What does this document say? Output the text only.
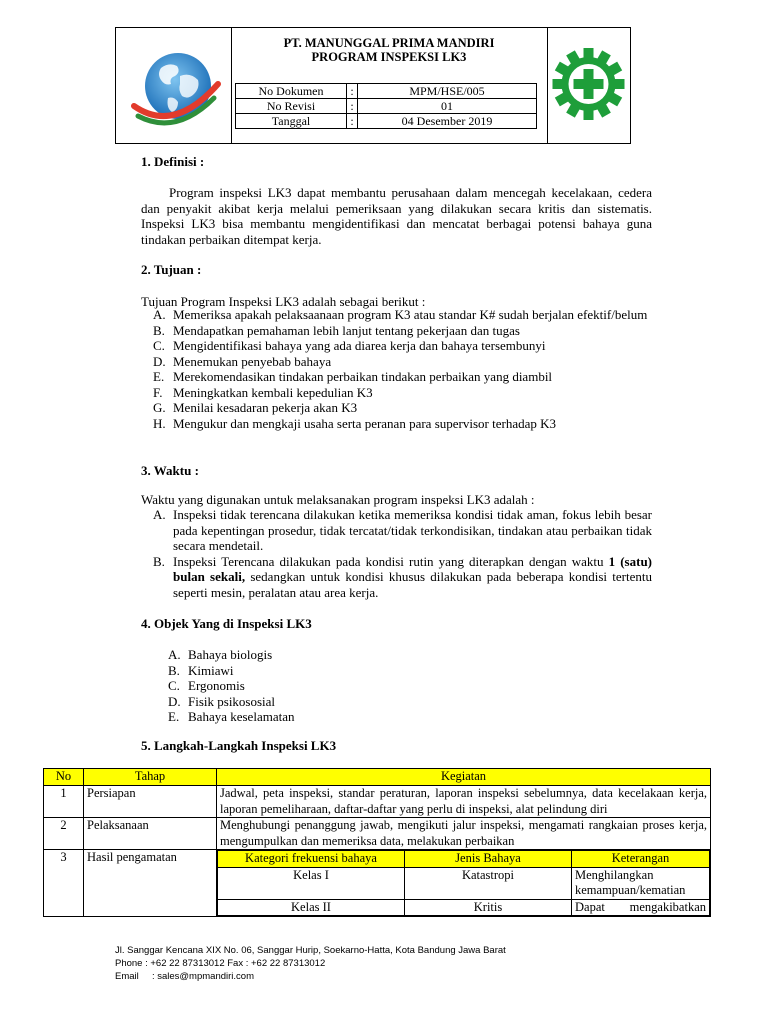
PT. MANUNGGAL PRIMA MANDIRI
PROGRAM INSPEKSI LK3
No Dokumen	:	MPM/HSE/005
No Revisi	:	01
Tanggal	:	04 Desember 2019
1. Definisi :
Program inspeksi LK3 dapat membantu perusahaan dalam mencegah kecelakaan, cedera dan penyakit akibat kerja melalui pemeriksaan yang dilakukan secara kritis dan sistematis. Inspeksi LK3 bisa membantu mengidentifikasi dan mencatat berbagai potensi bahaya guna tindakan perbaikan ditempat kerja.
2. Tujuan :
Tujuan Program Inspeksi LK3 adalah sebagai berikut :
A. Memeriksa apakah pelaksaanaan program K3 atau standar K# sudah berjalan efektif/belum
B. Mendapatkan pemahaman lebih lanjut tentang pekerjaan dan tugas
C. Mengidentifikasi bahaya yang ada diarea kerja dan bahaya tersembunyi
D. Menemukan penyebab bahaya
E. Merekomendasikan tindakan perbaikan tindakan perbaikan yang diambil
F. Meningkatkan kembali kepedulian K3
G. Menilai kesadaran pekerja akan K3
H. Mengukur dan mengkaji usaha serta peranan para supervisor terhadap K3
3. Waktu :
Waktu yang digunakan untuk melaksanakan program inspeksi LK3 adalah :
A. Inspeksi tidak terencana dilakukan ketika memeriksa kondisi tidak aman, fokus lebih besar pada kepentingan prosedur, tidak tercatat/tidak terkondisikan, tindakan atau perbaikan tidak secara mendetail.
B. Inspeksi Terencana dilakukan pada kondisi rutin yang diterapkan dengan waktu 1 (satu) bulan sekali, sedangkan untuk kondisi khusus dilakukan pada beberapa kondisi tertentu seperti mesin, peralatan atau area kerja.
4. Objek Yang di Inspeksi LK3
A. Bahaya biologis
B. Kimiawi
C. Ergonomis
D. Fisik psikososial
E. Bahaya keselamatan
5. Langkah-Langkah Inspeksi LK3
No	Tahap	Kegiatan
1	Persiapan	Jadwal, peta inspeksi, standar peraturan, laporan inspeksi sebelumnya, data kecelakaan kerja, laporan pemeliharaan, daftar-daftar yang perlu di inspeksi, alat pelindung diri
2	Pelaksanaan	Menghubungi penanggung jawab, mengikuti jalur inspeksi, mengamati rangkaian proses kerja, mengumpulkan dan memeriksa data, melakukan perbaikan
3	Hasil pengamatan		Kategori frekuensi bahaya	Jenis Bahaya	Keterangan
Kelas I	Katastropi	Menghilangkan kemampuan/kematian
Kelas II	Kritis	Dapat mengakibatkan
Jl. Sanggar Kencana XIX No. 06, Sanggar Hurip, Soekarno-Hatta, Kota Bandung Jawa Barat
Phone : +62 22 87313012 Fax : +62 22 87313012
Email     : sales@mpmandiri.com
